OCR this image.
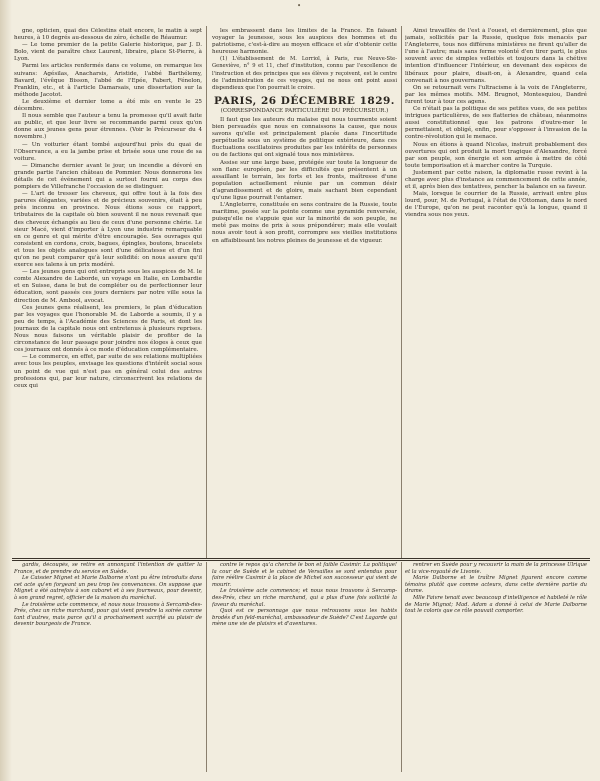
•

gne, opticien, quai des Célestins était encore, le matin à sept heures, à 10 degrés au-dessous de zéro, échelle de Réaumur.

— Le tome premier de la petite Galerie historique, par J. D. Bolo, vient de paraître chez Laurent, libraire, place St-Pierre, à Lyon.

Parmi les articles renfermés dans ce volume, on remarque les suivans: Agésilas, Anacharsis, Aristide, l'abbé Barthélemy, Bavard, l'évêque Bisson, l'abbé de l'Epée, Fabert, Fénelon, Franklin, etc., et à l'article Damarsais, une dissertation sur la méthode Jacotot.

Le deuxième et dernier tome a été mis en vente le 25 décembre.

Il nous semble que l'auteur a tenu la promesse qu'il avait faite au public, et que leur livre se recommande parmi ceux qu'on donne aux jeunes gens pour étrennes. (Voir le Précurseur du 4 novembre.)

— Un voiturier étant tombé aujourd'hui près du quai de l'Observance, a eu la jambe prise et brisée sous une roue de sa voiture.

— Dimanche dernier avant le jour, un incendie a dévoré en grande partie l'ancien château de Pommier. Nous donnerons les détails de cet événement qui a surtout fourni au corps des pompiers de Villefranche l'occasion de se distinguer.

— L'art de tresser les cheveux, qui offre tout à la fois des parures élégantes, variées et de précieux souvenirs, était à peu près inconnu en province. Nous étions sous ce rapport, tributaires de la capitale où bien souvent il ne nous revenait que des cheveux échangés au lieu de ceux d'une personne chérie. Le sieur Macé, vient d'importer à Lyon une industrie remarquable en ce genre et qui mérite d'être encouragée. Ses ouvrages qui consistent en cordons, croix, bagues, épingles, boutons, bracelets et tous les objets analogues sont d'une délicatesse et d'un fini qu'on ne peut comparer qu'à leur solidité: on nous assure qu'il exerce ses talens à un prix modéré.

— Les jeunes gens qui ont entrepris sous les auspices de M. le comte Alexandre de Laborde, un voyage en Italie, en Lombardie et en Suisse, dans le but de compléter ou de perfectionner leur éducation, sont passés ces jours derniers par notre ville sous la direction de M. Ambool, avocat.

Ces jeunes gens réalisent, les premiers, le plan d'éducation par les voyages que l'honorable M. de Laborde a soumis, il y a peu de temps, à l'Académie des Sciences de Paris, et dont les journaux de la capitale nous ont entretenus à plusieurs reprises. Nous nous faisons un véritable plaisir de profiter de la circonstance de leur passage pour joindre nos éloges à ceux que ces journaux ont donnés à ce mode d'éducation complémentaire.

— Le commerce, en effet, par suite de ses relations multipliées avec tous les peuples, envisage les questions d'intérêt social sous un point de vue qui n'est pas en général celui des autres professions qui, par leur nature, circonscrivent les relations de ceux qui

les embrassent dans les limites de la France. En faisant voyager la jeunesse, sous les auspices des hommes et du patriotisme, c'est-à-dire au moyen efficace et sûr d'obtenir cette heureuse harmonie.

(1) L'établissement de M. Lorriol, à Paris, rue Neuve-Ste-Geneviève, n° 9 et 11, chef d'institution, connu par l'excellence de l'instruction et des principes que ses élèves y reçoivent, est le centre de l'administration de ces voyages, qui ne nous ont point aussi dispendieux que l'on pourrait le croire.

PARIS, 26 DÉCEMBRE 1829.
(CORRESPONDANCE PARTICULIÈRE DU PRÉCURSEUR.)

Il faut que les auteurs du malaise qui nous tourmente soient bien persuadés que nous en connaissons la cause, que nous savons qu'elle est principalement placée dans l'incertitude perpétuelle sous un système de politique extérieure, dans ces fluctuations oscillatoires produites par les intérêts de personnes ou de factions qui ont signalé tous nos ministères.

Assise sur une large base, protégée sur toute la longueur de son flanc européen, par les difficultés que présentent à un assaillant le terrain, les forts et les fronts, maîtresse d'une population actuellement réunie par un commun désir d'agrandissement et de gloire, mais sachant bien cependant qu'une ligue pourrait l'entamer.

L'Angleterre, constituée en sens contraire de la Russie, toute maritime, posée sur la pointe comme une pyramide renversée, puisqu'elle ne s'appuie que sur la minorité de son peuple, ne meté pas moins de prix à sous prépondérer; mais elle voulait nous avoir tout à son profit, corrompre ses vieilles institutions en affaiblissant les notres pleines de jeunesse et de vigueur.

Ainsi travaillés de l'est à l'ouest, et dernièrement, plus que jamais, sollicités par la Russie, quelque fois menacés par l'Angleterre, tous nos différens ministères ne firent qu'aller de l'une à l'autre; mais sans ferme volonté d'en tirer parti, le plus souvent avec de simples velleités et toujours dans la chétive intention d'influencer l'intérieur, en devenant des espèces de libéraux pour plaire, disait-on, à Alexandre, quand cela convenait à nos gouvernans.

On se retournait vers l'ultracisme à la voix de l'Angleterre, par les mêmes motifs. MM. Brugnot, Montesquiou, Dandré furent tour à tour ces agens.

Ce n'était pas la politique de ses petites vues, de ses petites intrigues particulières, de ses flatteries de château, néanmoins aussi constitutionnel que les patrons d'outre-mer le permettaient, et obligé, enfin, pour s'opposer à l'invasion de la contre-révolution qui le menace.

Nous en étions à quand Nicolas, instruit probablement des ouvertures qui ont produit la mort tragique d'Alexandre, forcé par son peuple, son énergie et son armée à mettre de côté toute temporisation et à marcher contre la Turquie.

Justement par cette raison, la diplomatie russe revint à la charge avec plus d'instance au commencement de cette année, et il, après bien des tentatives, pencher la balance en sa faveur.

Mais, lorsque le courrier de la Russie, arrivait entre plus lourd, pour, M. de Portugal, à l'état de l'Ottoman, dans le nord de l'Europe, qu'on ne peut raconter qu'à la longue, quand il viendra sous nos yeux.

gardis, découpés, se retire en annonçant l'intention de quitter la France, et de prendre du service en Suède.

Le Caissier Mignet et Marie Dalborne n'ont pu être introduits dans cet acte qu'en forgeant un peu trop les convenances. On suppose que Mignet a été autrefois à son cabaret et à ses fourneaux, pour devenir, à son grand regret, officier de la maison du maréchal.

Le troisième acte commence, et nous nous trouvons à Sercamb-des-Prés, chez un riche marchand, pour qui vient prendre la soirée comme tant d'autres, mais parce qu'il a prochainement sacrifié au plaisir de devenir bourgeois de France.

contre le repos qu'a cherché le bon et faible Casimir. La politique! la cour de Suède et le cabinet de Versailles se sont entendus pour faire réélire Casimir à la place de Michel son successeur qui vient de mourir.

Le troisième acte commence; et nous nous trouvons à Sercamp-des-Prés, chez un riche marchand, qui a plus d'une fois sollicité la faveur du maréchal.

Quoi est ce personnage que nous retrouvons sous les habits brodés d'un feld-maréchal, ambassadeur de Suède? C'est Lagarde qui mène une vie de plaisirs et d'aventures.

rentrer en Suède pour y recouvrir la main de la princesse Ulrique et la vice-royauté de Livonie.

Marie Dalborne et le traître Mignet figurent encore comme témoins plutôt que comme acteurs, dans cette dernière partie du drame.

Mlle Faivre tenait avec beaucoup d'intelligence et habileté le rôle de Marie Mignot; Mad. Adam a donné à celui de Marie Dalborne tout le coloris que ce rôle pouvait comporter.
